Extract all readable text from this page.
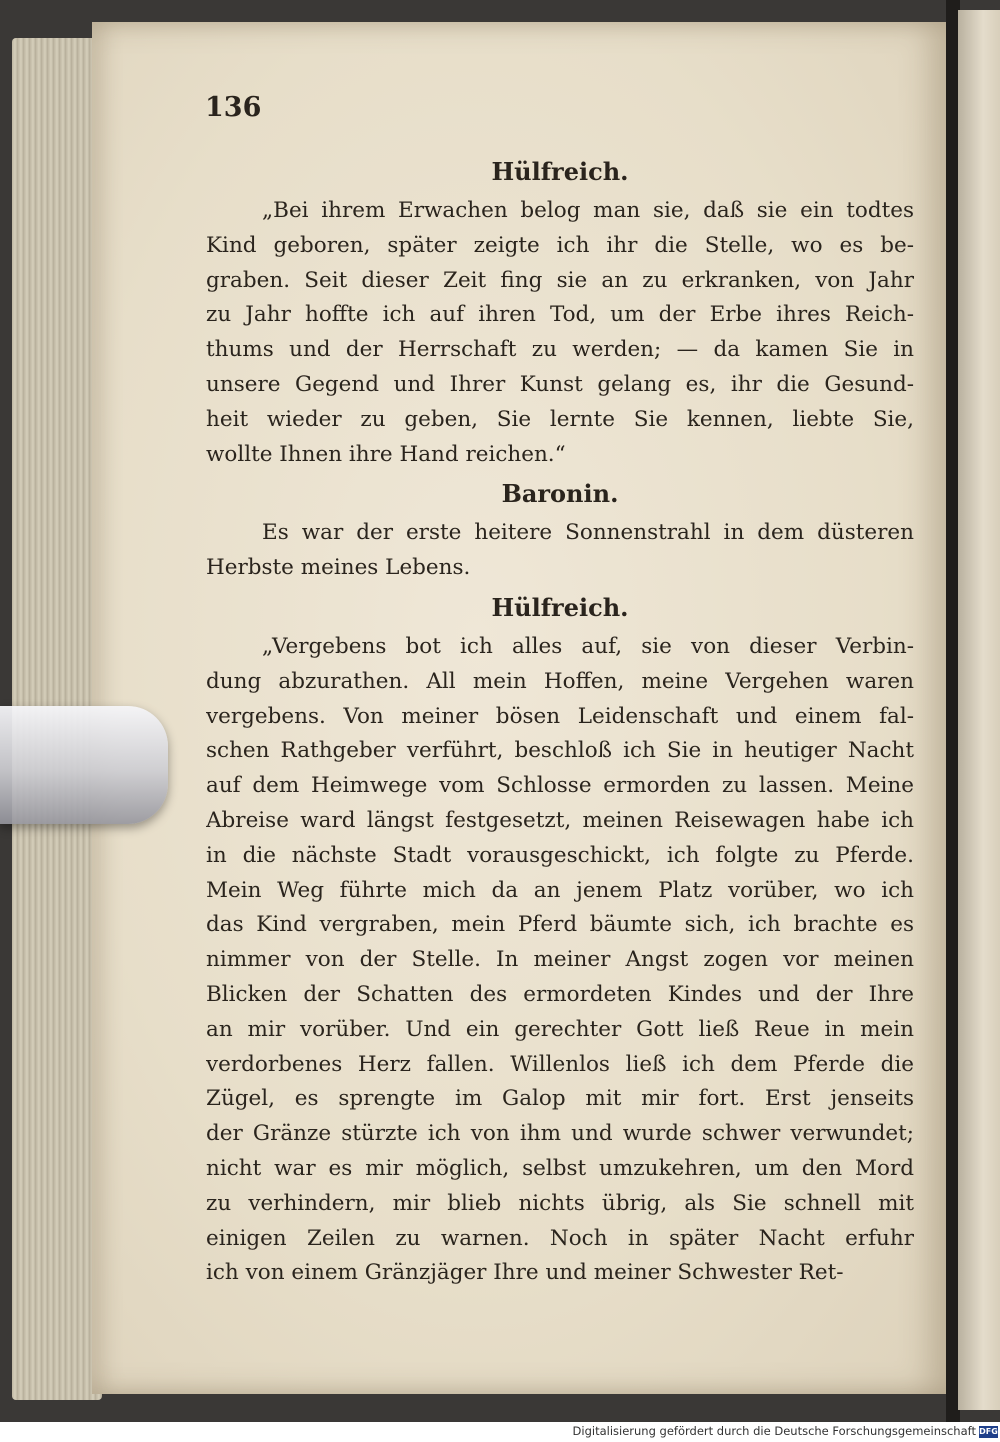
136
Hülfreich.
„Bei ihrem Erwachen belog man sie, daß sie ein todtes
Kind geboren, später zeigte ich ihr die Stelle, wo es be-
graben. Seit dieser Zeit fing sie an zu erkranken, von Jahr
zu Jahr hoffte ich auf ihren Tod, um der Erbe ihres Reich-
thums und der Herrschaft zu werden; — da kamen Sie in
unsere Gegend und Ihrer Kunst gelang es, ihr die Gesund-
heit wieder zu geben, Sie lernte Sie kennen, liebte Sie,
wollte Ihnen ihre Hand reichen.“
Baronin.
Es war der erste heitere Sonnenstrahl in dem düsteren
Herbste meines Lebens.
Hülfreich.
„Vergebens bot ich alles auf, sie von dieser Verbin-
dung abzurathen. All mein Hoffen, meine Vergehen waren
vergebens. Von meiner bösen Leidenschaft und einem fal-
schen Rathgeber verführt, beschloß ich Sie in heutiger Nacht
auf dem Heimwege vom Schlosse ermorden zu lassen. Meine
Abreise ward längst festgesetzt, meinen Reisewagen habe ich
in die nächste Stadt vorausgeschickt, ich folgte zu Pferde.
Mein Weg führte mich da an jenem Platz vorüber, wo ich
das Kind vergraben, mein Pferd bäumte sich, ich brachte es
nimmer von der Stelle. In meiner Angst zogen vor meinen
Blicken der Schatten des ermordeten Kindes und der Ihre
an mir vorüber. Und ein gerechter Gott ließ Reue in mein
verdorbenes Herz fallen. Willenlos ließ ich dem Pferde die
Zügel, es sprengte im Galop mit mir fort. Erst jenseits
der Gränze stürzte ich von ihm und wurde schwer verwundet;
nicht war es mir möglich, selbst umzukehren, um den Mord
zu verhindern, mir blieb nichts übrig, als Sie schnell mit
einigen Zeilen zu warnen. Noch in später Nacht erfuhr
ich von einem Gränzjäger Ihre und meiner Schwester Ret-
Digitalisierung gefördert durch die Deutsche Forschungsgemeinschaft DFG
